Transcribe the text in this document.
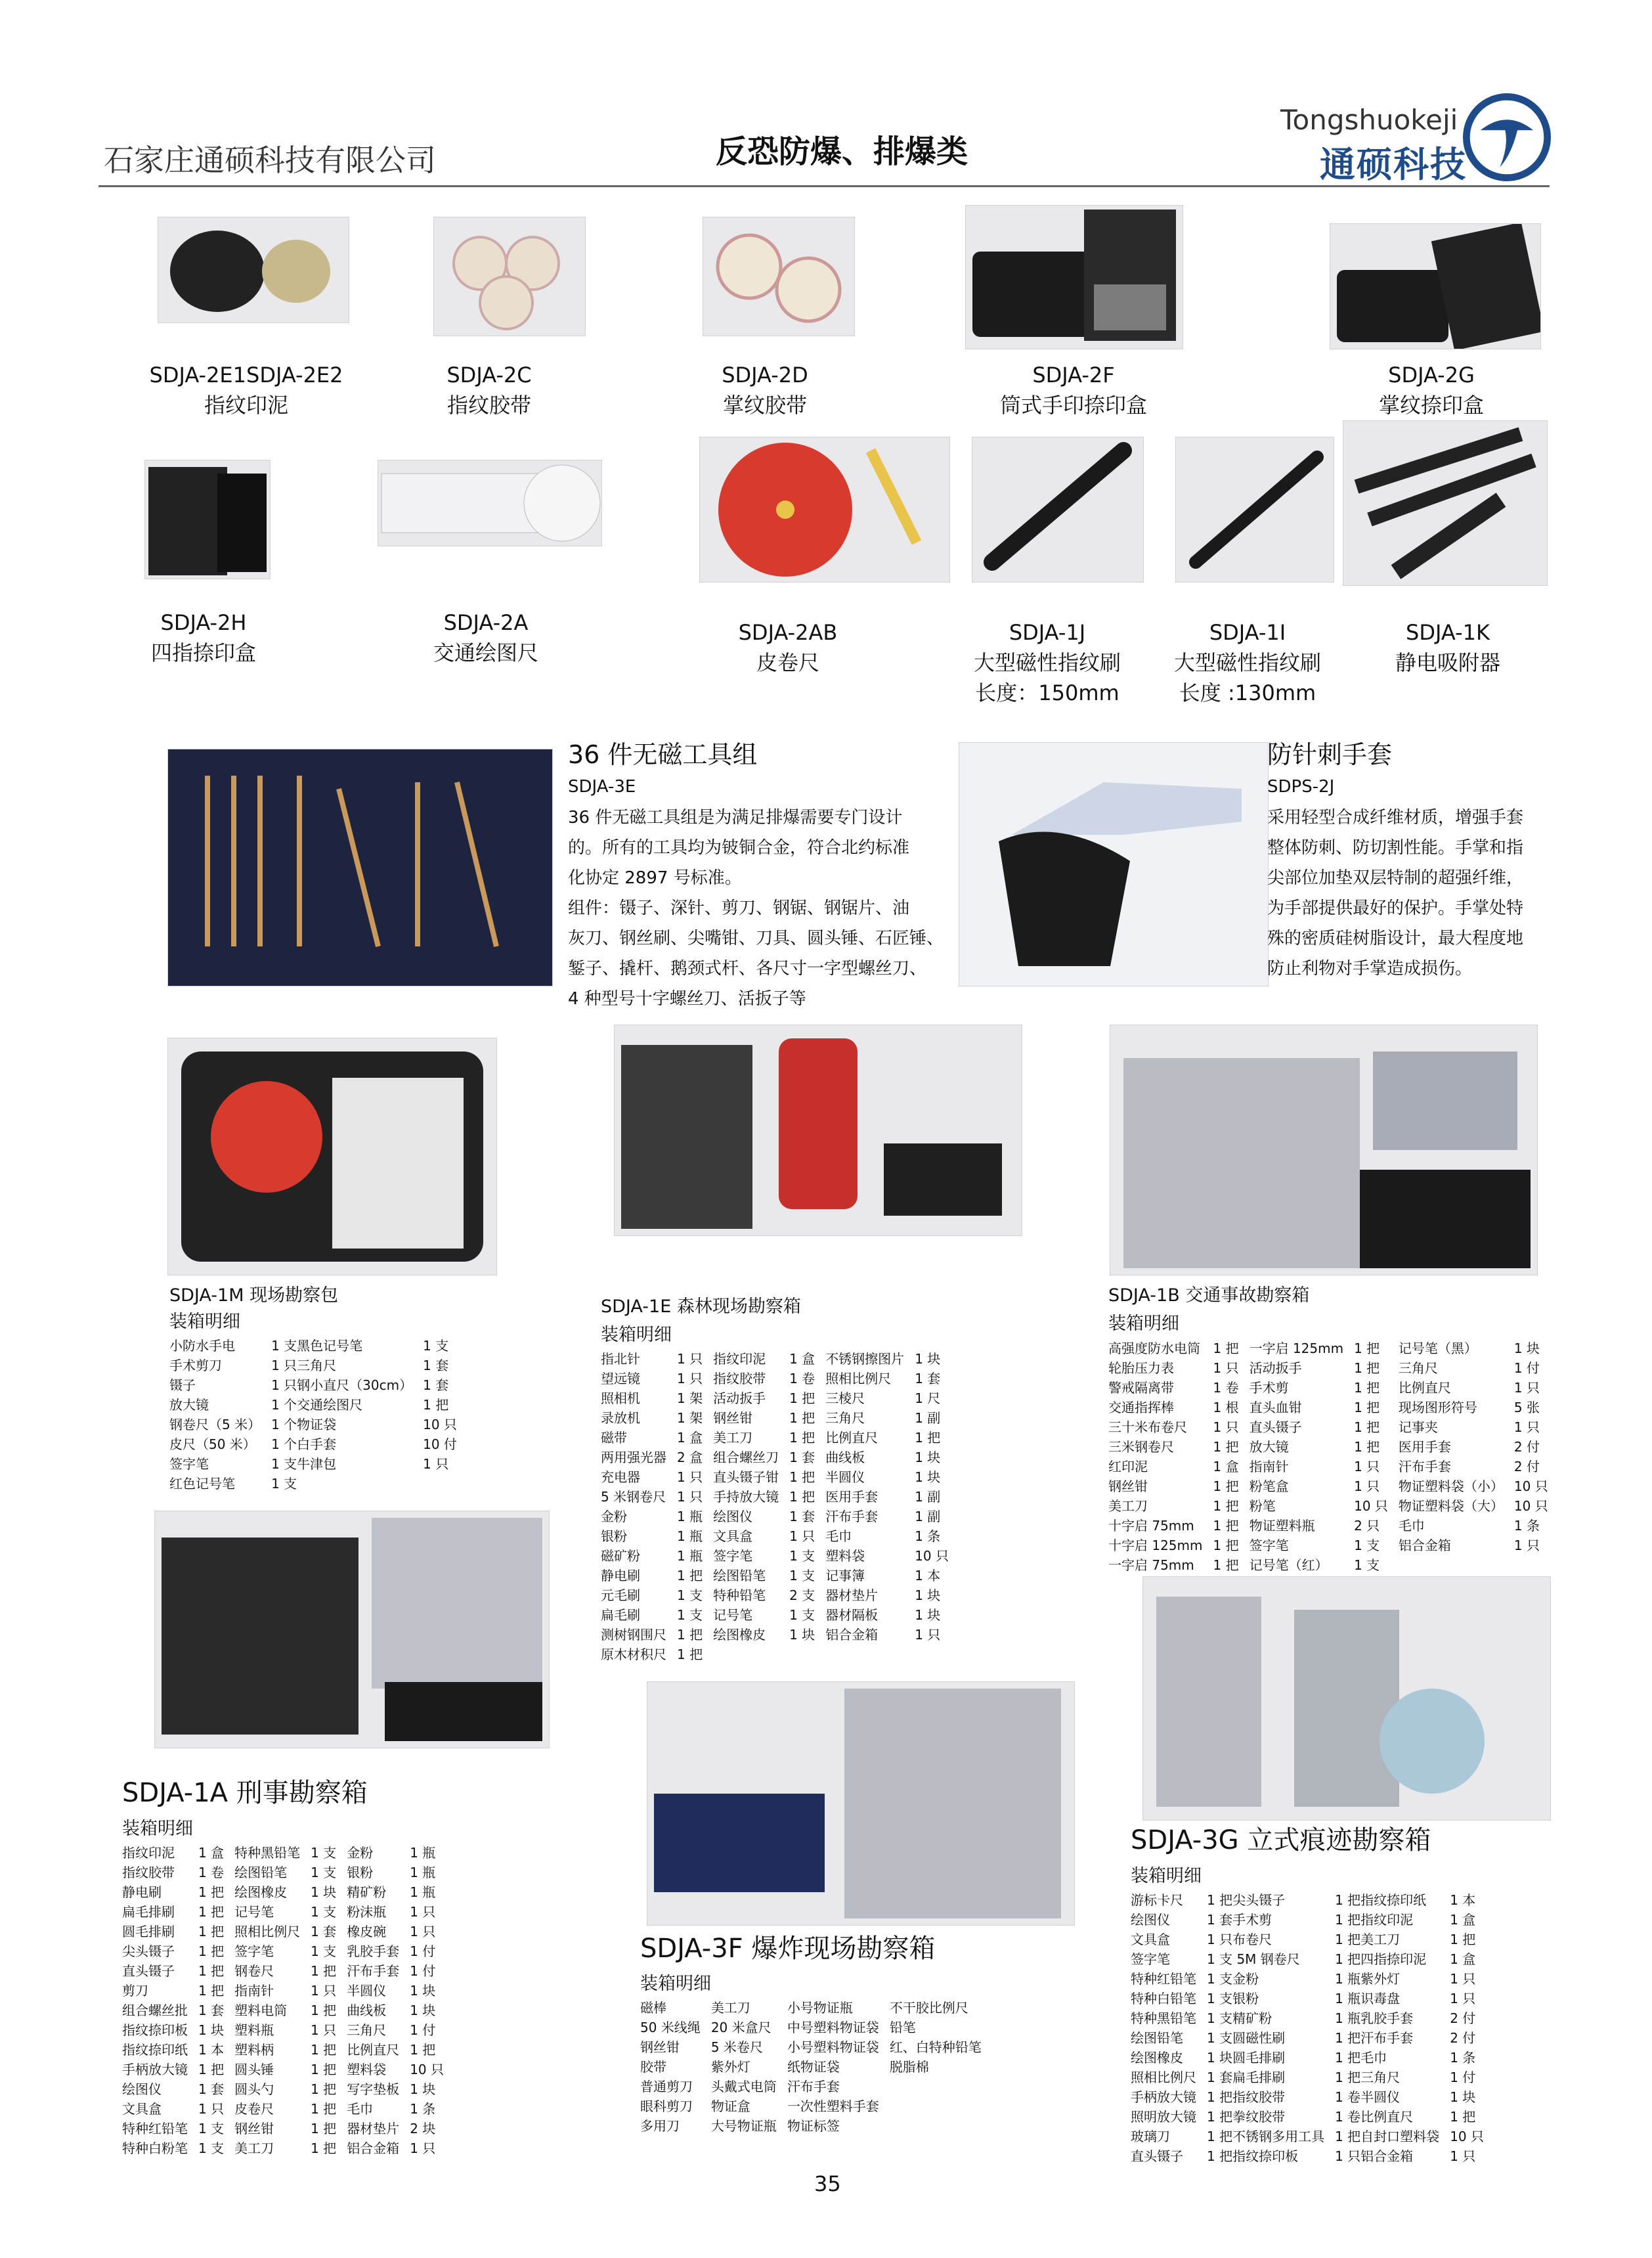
石家庄通硕科技有限公司	反恐防爆、排爆类
Tongshuokeji
通硕科技
SDJA-2E1SDJA-2E2
指纹印泥
SDJA-2C
指纹胶带
SDJA-2D
掌纹胶带
SDJA-2F
筒式手印捺印盒
SDJA-2G
掌纹捺印盒
SDJA-2H
四指捺印盒
SDJA-2A
交通绘图尺
SDJA-2AB
皮卷尺
SDJA-1J
大型磁性指纹刷
长度：150mm
SDJA-1I
大型磁性指纹刷
长度 :130mm
SDJA-1K
静电吸附器
36 件无磁工具组
SDJA-3E
36 件无磁工具组是为满足排爆需要专门设计
的。所有的工具均为铍铜合金，符合北约标准
化协定 2897 号标准。
组件：镊子、深针、剪刀、钢锯、钢锯片、油
灰刀、钢丝刷、尖嘴钳、刀具、圆头锤、石匠锤、
錾子、撬杆、鹅颈式杆、各尺寸一字型螺丝刀、
4 种型号十字螺丝刀、活扳子等
防针刺手套
SDPS-2J
采用轻型合成纤维材质，增强手套
整体防刺、防切割性能。手掌和指
尖部位加垫双层特制的超强纤维，
为手部提供最好的保护。手掌处特
殊的密质硅树脂设计，最大程度地
防止利物对手掌造成损伤。
SDJA-1M 现场勘察包
装箱明细
小防水手电	1 支黑色记号笔	1 支
手术剪刀	1 只三角尺	1 套
镊子	1 只钢小直尺（30cm）	1 套
放大镜	1 个交通绘图尺	1 把
钢卷尺（5 米）	1 个物证袋	10 只
皮尺（50 米）	1 个白手套	10 付
签字笔	1 支牛津包	1 只
红色记号笔	1 支	
SDJA-1E 森林现场勘察箱
装箱明细
指北针	1 只	指纹印泥	1 盒	不锈钢擦图片	1 块
望远镜	1 只	指纹胶带	1 卷	照相比例尺	1 套
照相机	1 架	活动扳手	1 把	三棱尺	1 尺
录放机	1 架	钢丝钳	1 把	三角尺	1 副
磁带	1 盒	美工刀	1 把	比例直尺	1 把
两用强光器	2 盒	组合螺丝刀	1 套	曲线板	1 块
充电器	1 只	直头镊子钳	1 把	半圆仪	1 块
5 米钢卷尺	1 只	手持放大镜	1 把	医用手套	1 副
金粉	1 瓶	绘图仪	1 套	汗布手套	1 副
银粉	1 瓶	文具盒	1 只	毛巾	1 条
磁矿粉	1 瓶	签字笔	1 支	塑料袋	10 只
静电刷	1 把	绘图铅笔	1 支	记事簿	1 本
元毛刷	1 支	特种铅笔	2 支	器材垫片	1 块
扁毛刷	1 支	记号笔	1 支	器材隔板	1 块
测树钢围尺	1 把	绘图橡皮	1 块	铝合金箱	1 只
原木材积尺	1 把				
SDJA-1B 交通事故勘察箱
装箱明细
高强度防水电筒	1 把	一字启 125mm	1 把	记号笔（黑）	1 块
轮胎压力表	1 只	活动扳手	1 把	三角尺	1 付
警戒隔离带	1 卷	手术剪	1 把	比例直尺	1 只
交通指挥棒	1 根	直头血钳	1 把	现场图形符号	5 张
三十米布卷尺	1 只	直头镊子	1 把	记事夹	1 只
三米钢卷尺	1 把	放大镜	1 把	医用手套	2 付
红印泥	1 盒	指南针	1 只	汗布手套	2 付
钢丝钳	1 把	粉笔盒	1 只	物证塑料袋（小）	10 只
美工刀	1 把	粉笔	10 只	物证塑料袋（大）	10 只
十字启 75mm	1 把	物证塑料瓶	2 只	毛巾	1 条
十字启 125mm	1 把	签字笔	1 支	铝合金箱	1 只
一字启 75mm	1 把	记号笔（红）	1 支		
SDJA-1A 刑事勘察箱
装箱明细
指纹印泥	1 盒	特种黑铅笔	1 支	金粉	1 瓶
指纹胶带	1 卷	绘图铅笔	1 支	银粉	1 瓶
静电刷	1 把	绘图橡皮	1 块	精矿粉	1 瓶
扁毛排刷	1 把	记号笔	1 支	粉沫瓶	1 只
圆毛排刷	1 把	照相比例尺	1 套	橡皮碗	1 只
尖头镊子	1 把	签字笔	1 支	乳胶手套	1 付
直头镊子	1 把	钢卷尺	1 把	汗布手套	1 付
剪刀	1 把	指南针	1 只	半圆仪	1 块
组合螺丝批	1 套	塑料电筒	1 把	曲线板	1 块
指纹捺印板	1 块	塑料瓶	1 只	三角尺	1 付
指纹捺印纸	1 本	塑料柄	1 把	比例直尺	1 把
手柄放大镜	1 把	圆头锤	1 把	塑料袋	10 只
绘图仪	1 套	圆头勺	1 把	写字垫板	1 块
文具盒	1 只	皮卷尺	1 把	毛巾	1 条
特种红铅笔	1 支	钢丝钳	1 把	器材垫片	2 块
特种白粉笔	1 支	美工刀	1 把	铝合金箱	1 只
SDJA-3F 爆炸现场勘察箱
装箱明细
磁棒	美工刀	小号物证瓶	不干胶比例尺
50 米线绳	20 米盒尺	中号塑料物证袋	铅笔
钢丝钳	5 米卷尺	小号塑料物证袋	红、白特种铅笔
胶带	紫外灯	纸物证袋	脱脂棉
普通剪刀	头戴式电筒	汗布手套	
眼科剪刀	物证盒	一次性塑料手套	
多用刀	大号物证瓶	物证标签	
SDJA-3G 立式痕迹勘察箱
装箱明细
游标卡尺	1 把尖头镊子	1 把指纹捺印纸	1 本
绘图仪	1 套手术剪	1 把指纹印泥	1 盒
文具盒	1 只布卷尺	1 把美工刀	1 把
签字笔	1 支 5M 钢卷尺	1 把四指捺印泥	1 盒
特种红铅笔	1 支金粉	1 瓶紫外灯	1 只
特种白铅笔	1 支银粉	1 瓶识毒盘	1 只
特种黑铅笔	1 支精矿粉	1 瓶乳胶手套	2 付
绘图铅笔	1 支圆磁性刷	1 把汗布手套	2 付
绘图橡皮	1 块圆毛排刷	1 把毛巾	1 条
照相比例尺	1 套扁毛排刷	1 把三角尺	1 付
手柄放大镜	1 把指纹胶带	1 卷半圆仪	1 块
照明放大镜	1 把拳纹胶带	1 卷比例直尺	1 把
玻璃刀	1 把不锈钢多用工具	1 把自封口塑料袋	10 只
直头镊子	1 把指纹捺印板	1 只铝合金箱	1 只
35
